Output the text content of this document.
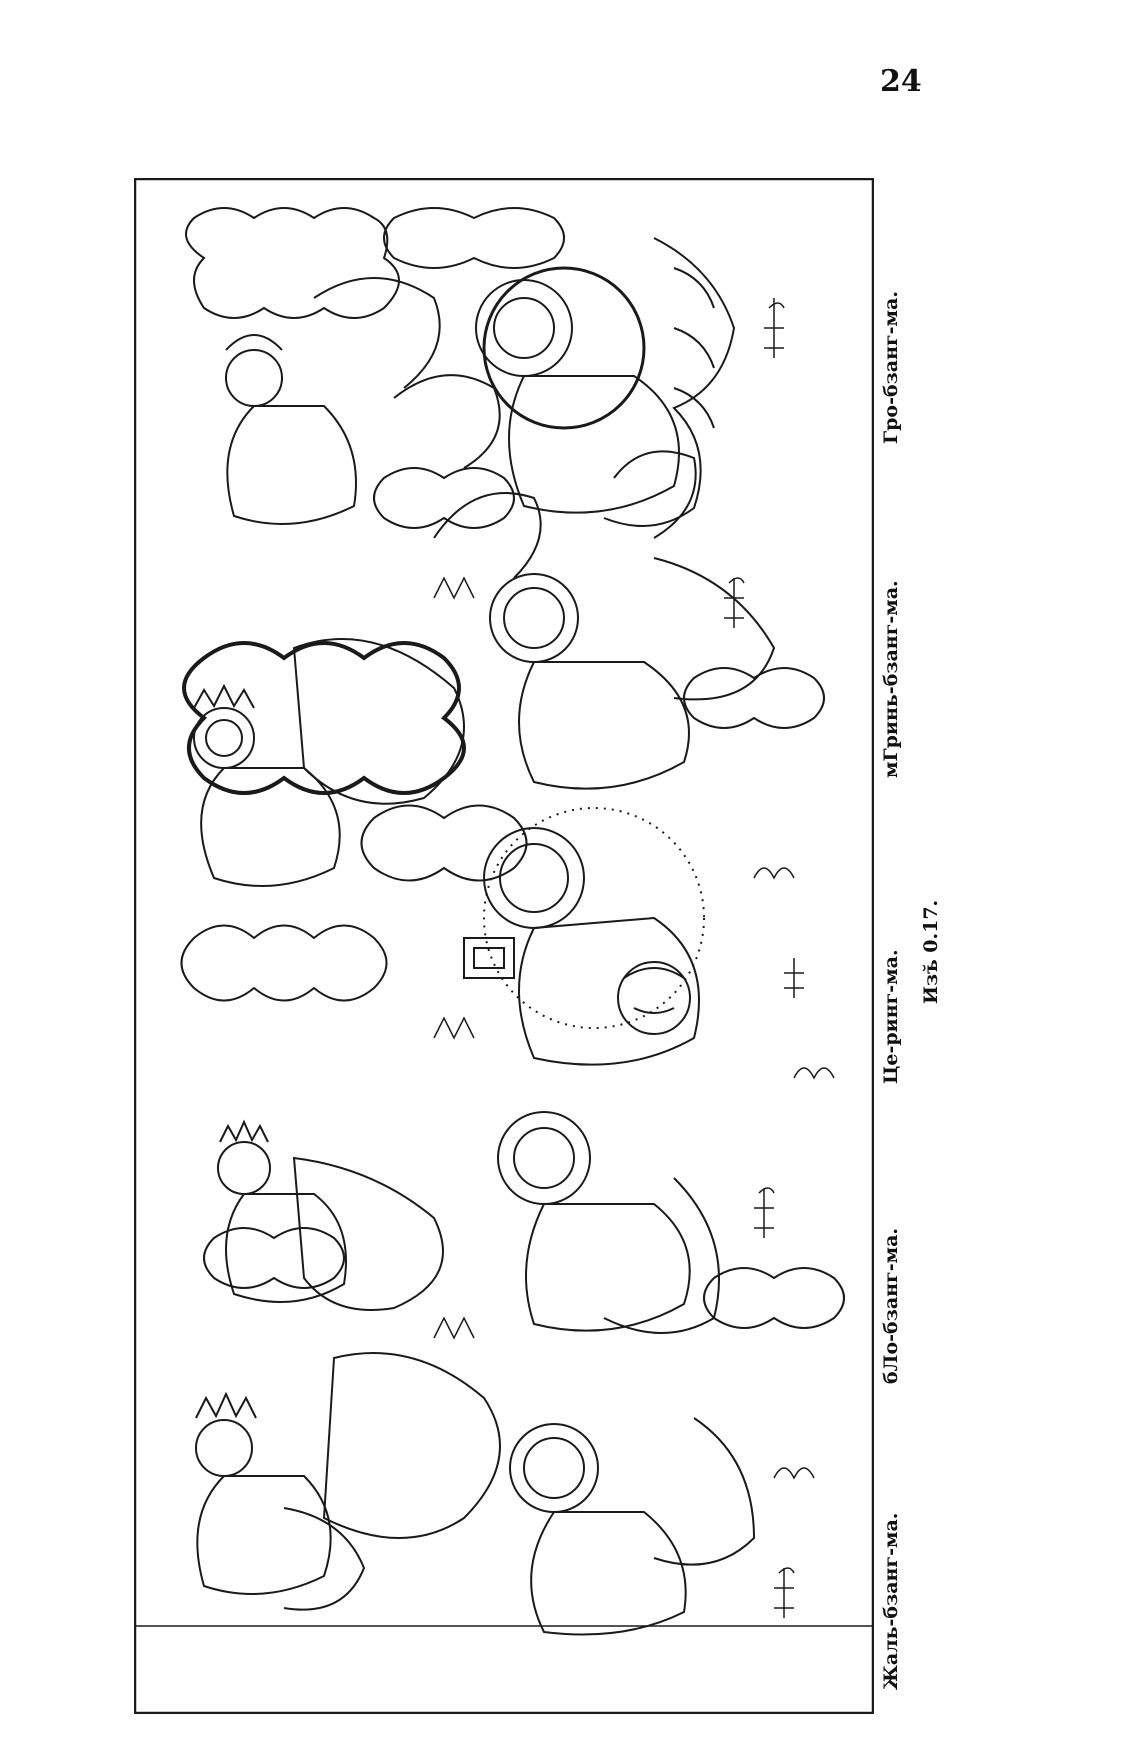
24
Жаль-бзанг-ма.
бЛо-бзанг-ма.
Це-ринг-ма.
мГринь-бзанг-ма.
Гро-бзанг-ма.
Изъ̆ 0.17.
